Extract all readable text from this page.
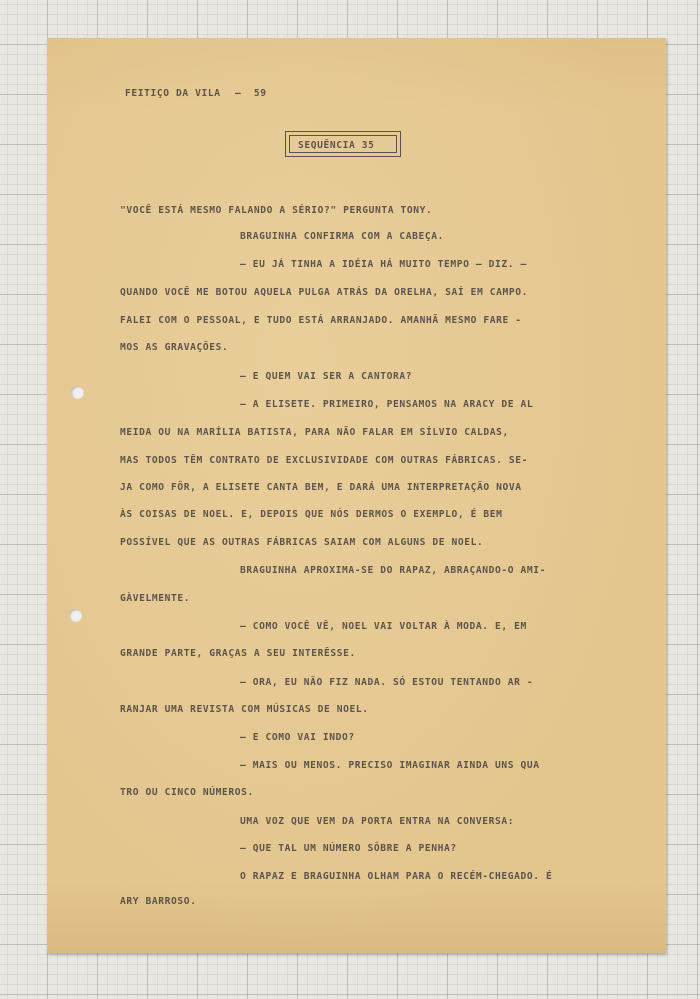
FEITIÇO DA VILA — 59
SEQUÊNCIA 35
"VOCÊ ESTÁ MESMO FALANDO A SÉRIO?" PERGUNTA TONY.
BRAGUINHA CONFIRMA COM A CABEÇA.
— EU JÁ TINHA A IDÉIA HÁ MUITO TEMPO — DIZ. —
QUANDO VOCÊ ME BOTOU AQUELA PULGA ATRÁS DA ORELHA, SAÍ EM CAMPO.
FALEI COM O PESSOAL, E TUDO ESTÁ ARRANJADO. AMANHÃ MESMO FARE -
MOS AS GRAVAÇÕES.
— E QUEM VAI SER A CANTORA?
— A ELISETE. PRIMEIRO, PENSAMOS NA ARACY DE AL
MEIDA OU NA MARÍLIA BATISTA, PARA NÃO FALAR EM SÍLVIO CALDAS,
MAS TODOS TÊM CONTRATO DE EXCLUSIVIDADE COM OUTRAS FÁBRICAS. SE-
JA COMO FÔR, A ELISETE CANTA BEM, E DARÁ UMA INTERPRETAÇÃO NOVA
ÀS COISAS DE NOEL. E, DEPOIS QUE NÓS DERMOS O EXEMPLO, É BEM
POSSÍVEL QUE AS OUTRAS FÁBRICAS SAIAM COM ALGUNS DE NOEL.
BRAGUINHA APROXIMA-SE DO RAPAZ, ABRAÇANDO-O AMI-
GÀVELMENTE.
— COMO VOCÊ VÊ, NOEL VAI VOLTAR À MODA. E, EM
GRANDE PARTE, GRAÇAS A SEU INTERÊSSE.
— ORA, EU NÃO FIZ NADA. SÓ ESTOU TENTANDO AR -
RANJAR UMA REVISTA COM MÚSICAS DE NOEL.
— E COMO VAI INDO?
— MAIS OU MENOS. PRECISO IMAGINAR AINDA UNS QUA
TRO OU CINCO NÚMEROS.
UMA VOZ QUE VEM DA PORTA ENTRA NA CONVERSA:
— QUE TAL UM NÚMERO SÔBRE A PENHA?
O RAPAZ E BRAGUINHA OLHAM PARA O RECÉM-CHEGADO. É
ARY BARROSO.
